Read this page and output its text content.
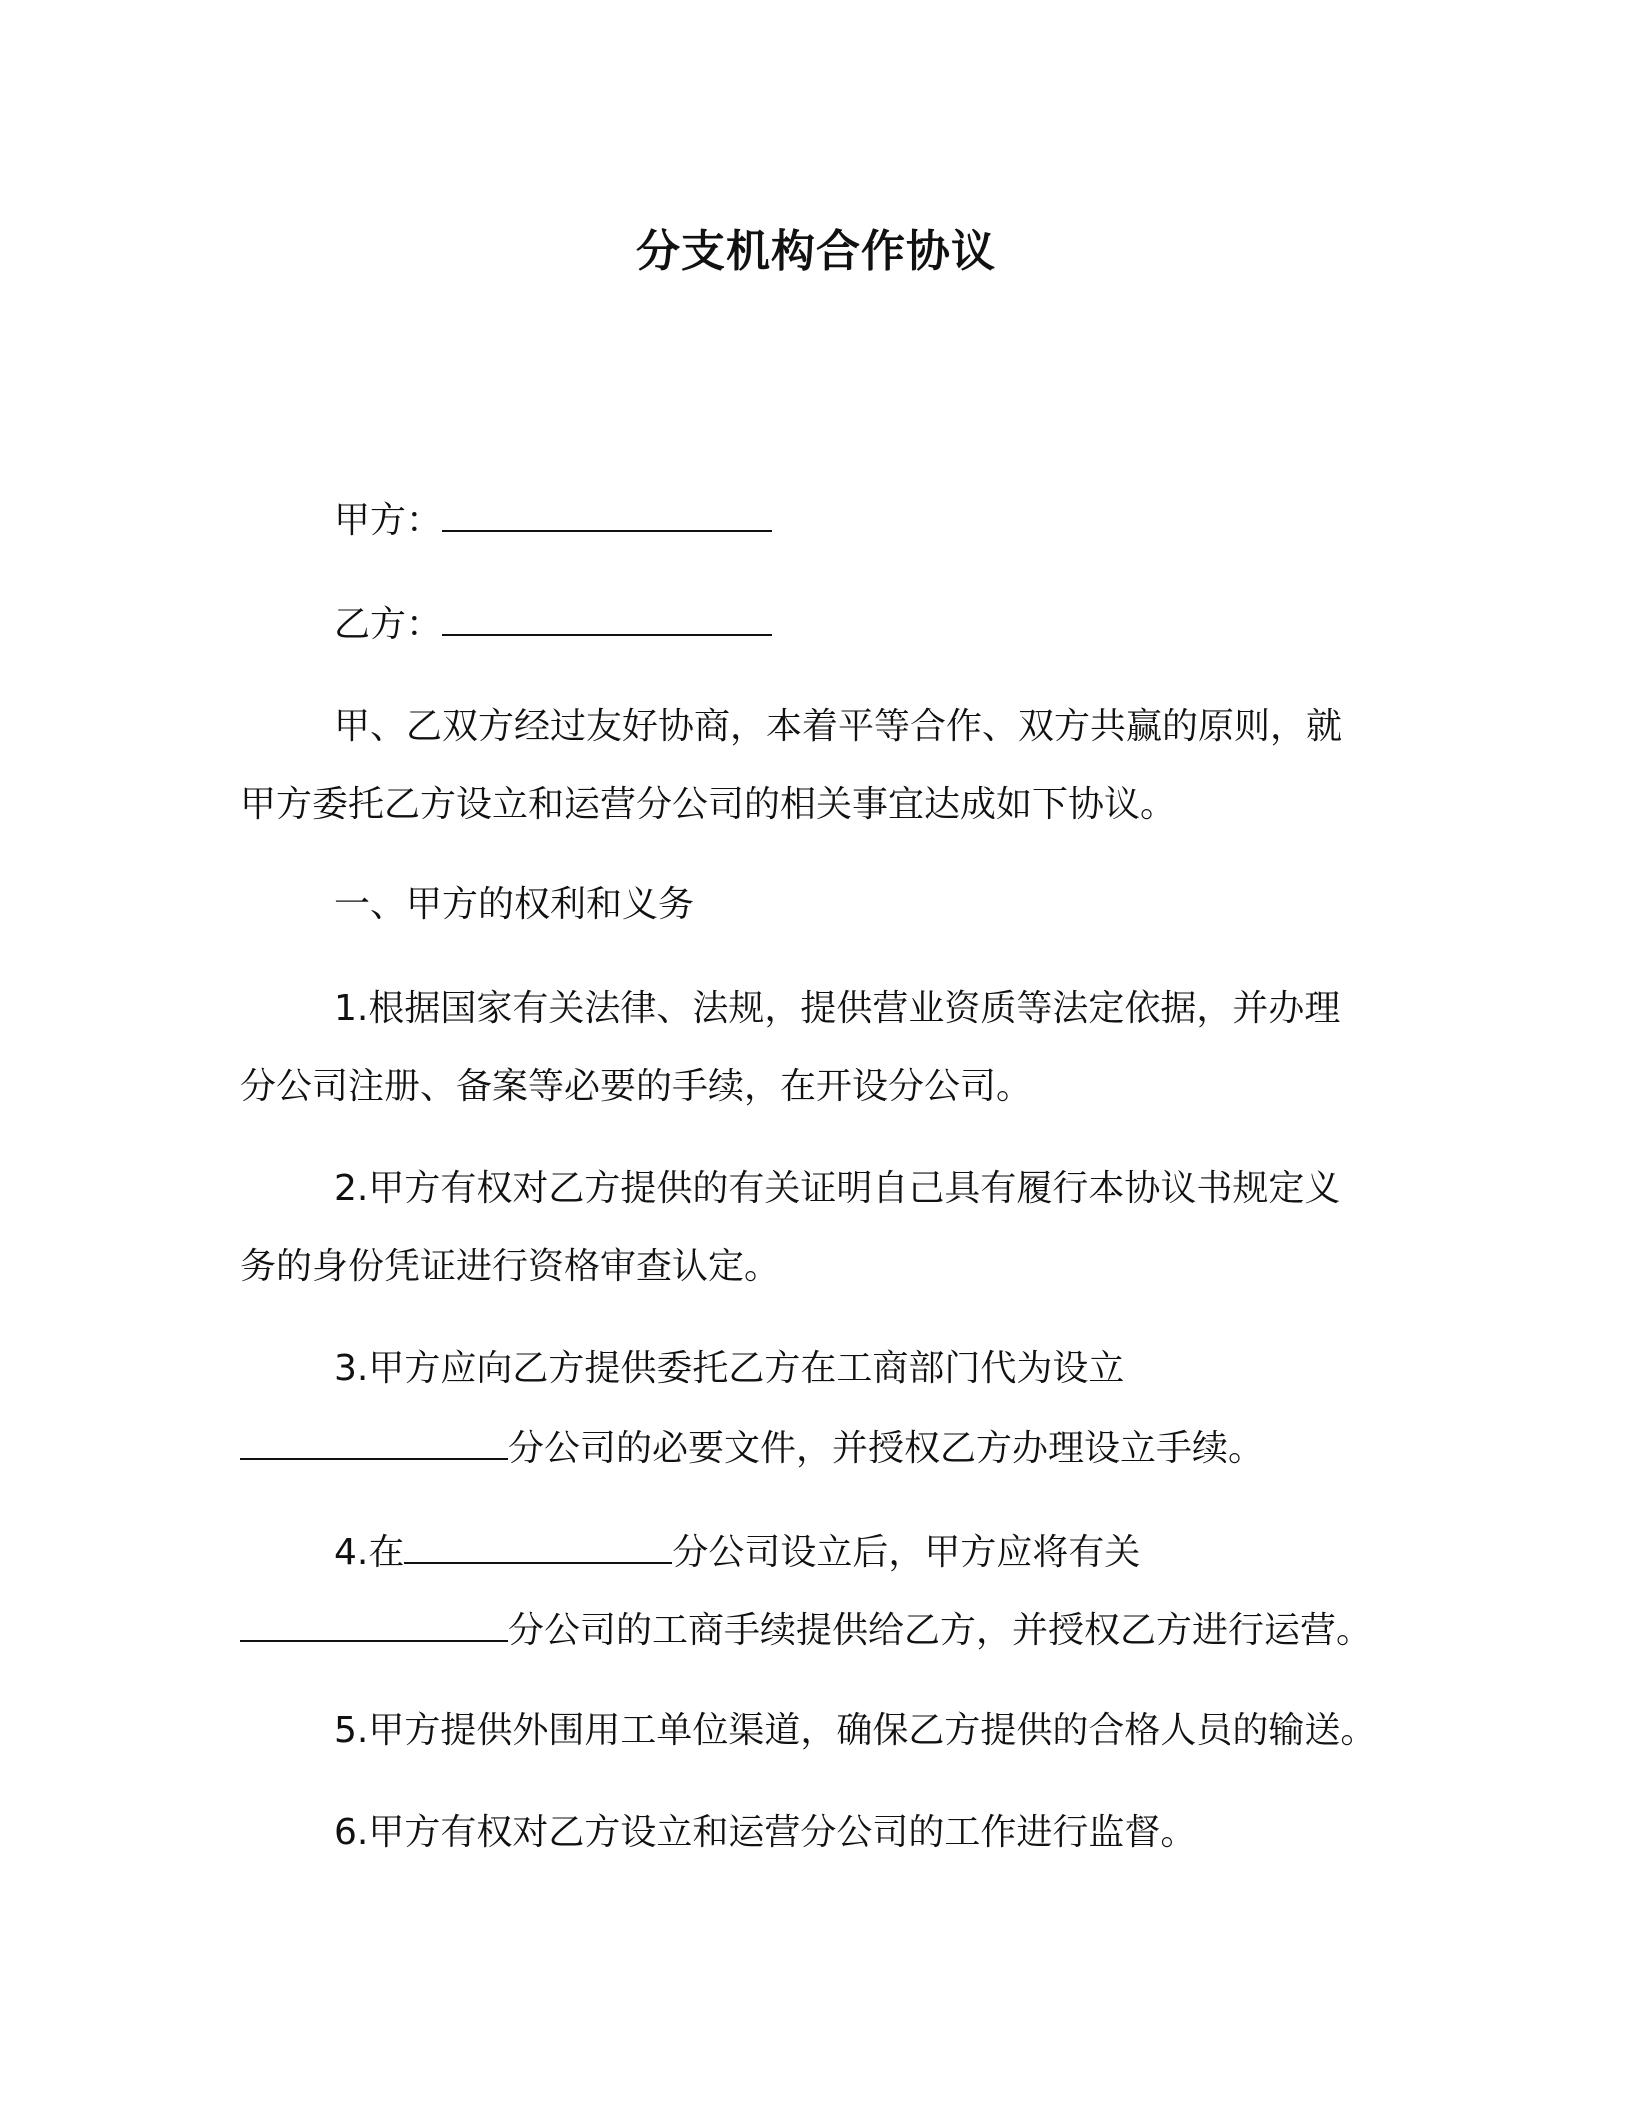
分支机构合作协议
甲方：
乙方：
甲、乙双方经过友好协商，本着平等合作、双方共赢的原则，就
甲方委托乙方设立和运营分公司的相关事宜达成如下协议。
一、甲方的权利和义务
1.根据国家有关法律、法规，提供营业资质等法定依据，并办理
分公司注册、备案等必要的手续，在开设分公司。
2.甲方有权对乙方提供的有关证明自己具有履行本协议书规定义
务的身份凭证进行资格审查认定。
3.甲方应向乙方提供委托乙方在工商部门代为设立
分公司的必要文件，并授权乙方办理设立手续。
4.在	分公司设立后，甲方应将有关
分公司的工商手续提供给乙方，并授权乙方进行运营。
5.甲方提供外围用工单位渠道，确保乙方提供的合格人员的输送。
6.甲方有权对乙方设立和运营分公司的工作进行监督。
